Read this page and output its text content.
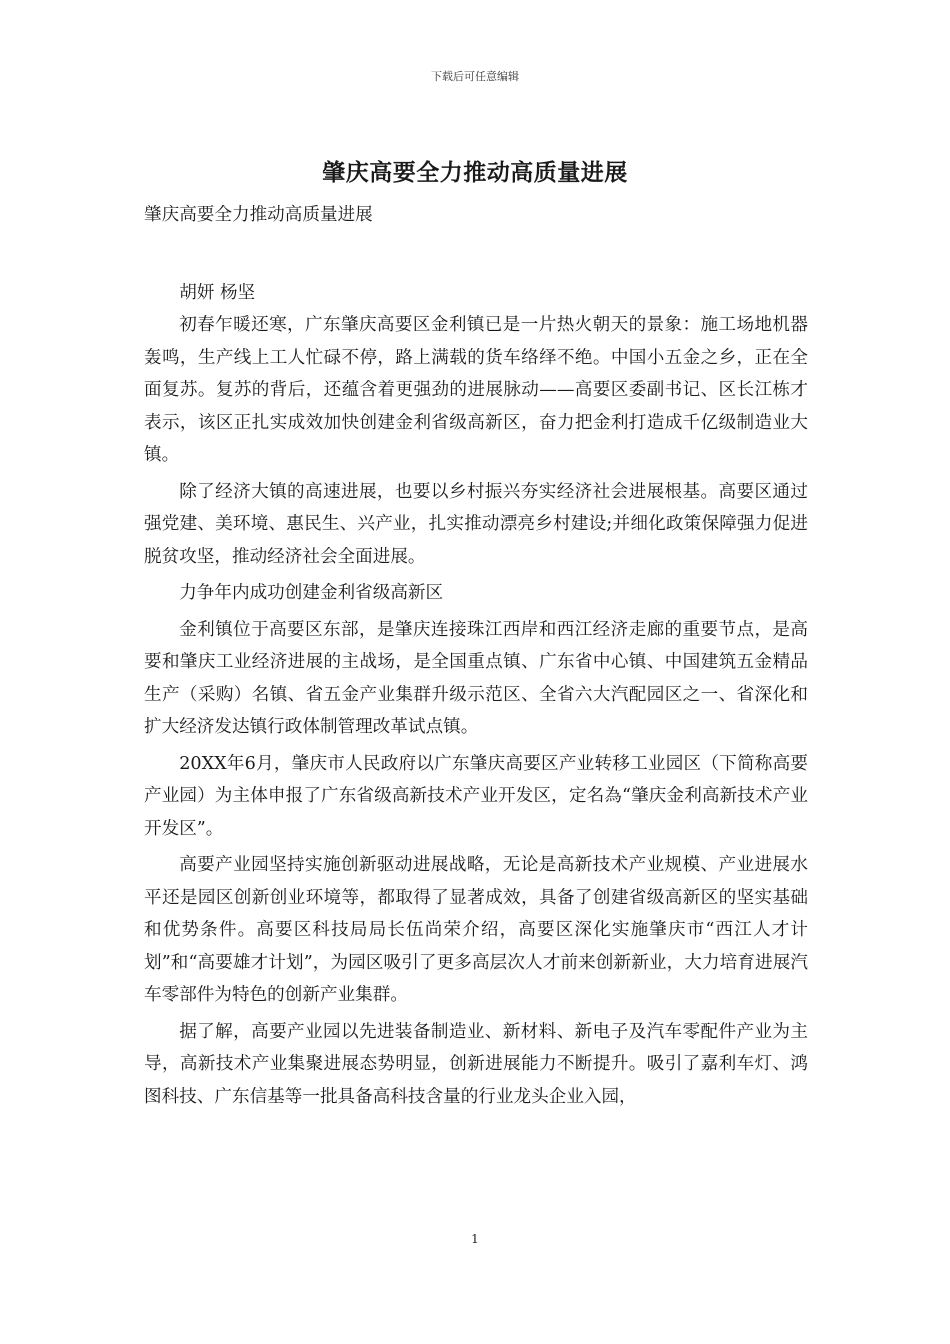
下载后可任意编辑
肇庆高要全力推动高质量进展

肇庆高要全力推动高质量进展

胡妍 杨坚

初春乍暖还寒，广东肇庆高要区金利镇已是一片热火朝天的景象：施工场地机器轰鸣，生产线上工人忙碌不停，路上满载的货车络绎不绝。中国小五金之乡，正在全面复苏。复苏的背后，还蕴含着更强劲的进展脉动——高要区委副书记、区长江栋才表示，该区正扎实成效加快创建金利省级高新区，奋力把金利打造成千亿级制造业大镇。

除了经济大镇的高速进展，也要以乡村振兴夯实经济社会进展根基。高要区通过强党建、美环境、惠民生、兴产业，扎实推动漂亮乡村建设;并细化政策保障强力促进脱贫攻坚，推动经济社会全面进展。

力争年内成功创建金利省级高新区

金利镇位于高要区东部，是肇庆连接珠江西岸和西江经济走廊的重要节点，是高要和肇庆工业经济进展的主战场，是全国重点镇、广东省中心镇、中国建筑五金精品生产（采购）名镇、省五金产业集群升级示范区、全省六大汽配园区之一、省深化和扩大经济发达镇行政体制管理改革试点镇。

20XX年6月，肇庆市人民政府以广东肇庆高要区产业转移工业园区（下简称高要产业园）为主体申报了广东省级高新技术产业开发区，定名為“肇庆金利高新技术产业开发区”。

高要产业园坚持实施创新驱动进展战略，无论是高新技术产业规模、产业进展水平还是园区创新创业环境等，都取得了显著成效，具备了创建省级高新区的坚实基础和优势条件。高要区科技局局长伍尚荣介绍，高要区深化实施肇庆市“西江人才计划”和“高要雄才计划”，为园区吸引了更多高层次人才前来创新新业，大力培育进展汽车零部件为特色的创新产业集群。

据了解，高要产业园以先进装备制造业、新材料、新电子及汽车零配件产业为主导，高新技术产业集聚进展态势明显，创新进展能力不断提升。吸引了嘉利车灯、鸿图科技、广东信基等一批具备高科技含量的行业龙头企业入园，

1
